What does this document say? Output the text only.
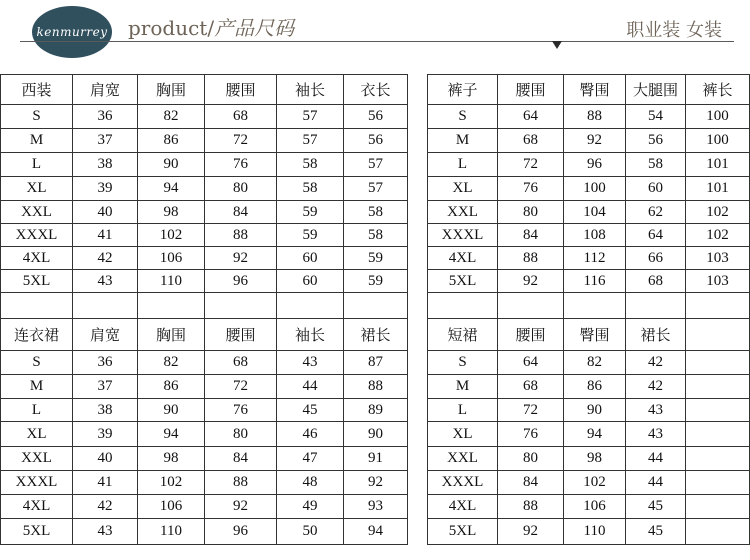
kenmurrey product/产品尺码	职业装 女装
西装	肩宽	胸围	腰围	袖长	衣长
S	36	82	68	57	56
M	37	86	72	57	56
L	38	90	76	58	57
XL	39	94	80	58	57
XXL	40	98	84	59	58
XXXL	41	102	88	59	58
4XL	42	106	92	60	59
5XL	43	110	96	60	59

裤子	腰围	臀围	大腿围	裤长
S	64	88	54	100
M	68	92	56	100
L	72	96	58	101
XL	76	100	60	101
XXL	80	104	62	102
XXXL	84	108	64	102
4XL	88	112	66	103
5XL	92	116	68	103

连衣裙	肩宽	胸围	腰围	袖长	裙长
S	36	82	68	43	87
M	37	86	72	44	88
L	38	90	76	45	89
XL	39	94	80	46	90
XXL	40	98	84	47	91
XXXL	41	102	88	48	92
4XL	42	106	92	49	93
5XL	43	110	96	50	94
短裙	腰围	臀围	裙长	
S	64	82	42	
M	68	86	42	
L	72	90	43	
XL	76	94	43	
XXL	80	98	44	
XXXL	84	102	44	
4XL	88	106	45	
5XL	92	110	45	
